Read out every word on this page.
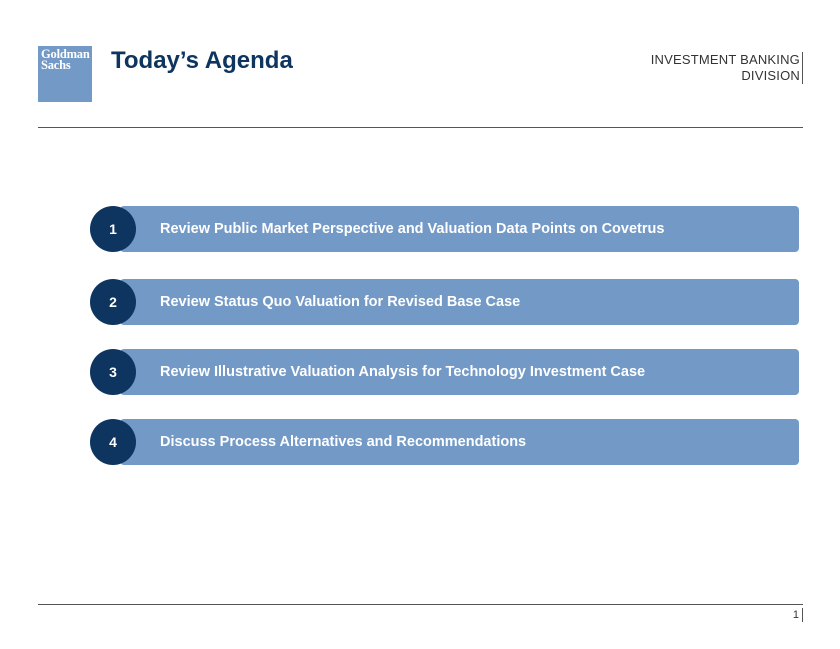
Goldman
Sachs	Today’s Agenda	INVESTMENT BANKING
DIVISION
1	Review Public Market Perspective and Valuation Data Points on Covetrus
2	Review Status Quo Valuation for Revised Base Case
3	Review Illustrative Valuation Analysis for Technology Investment Case
4	Discuss Process Alternatives and Recommendations
1
